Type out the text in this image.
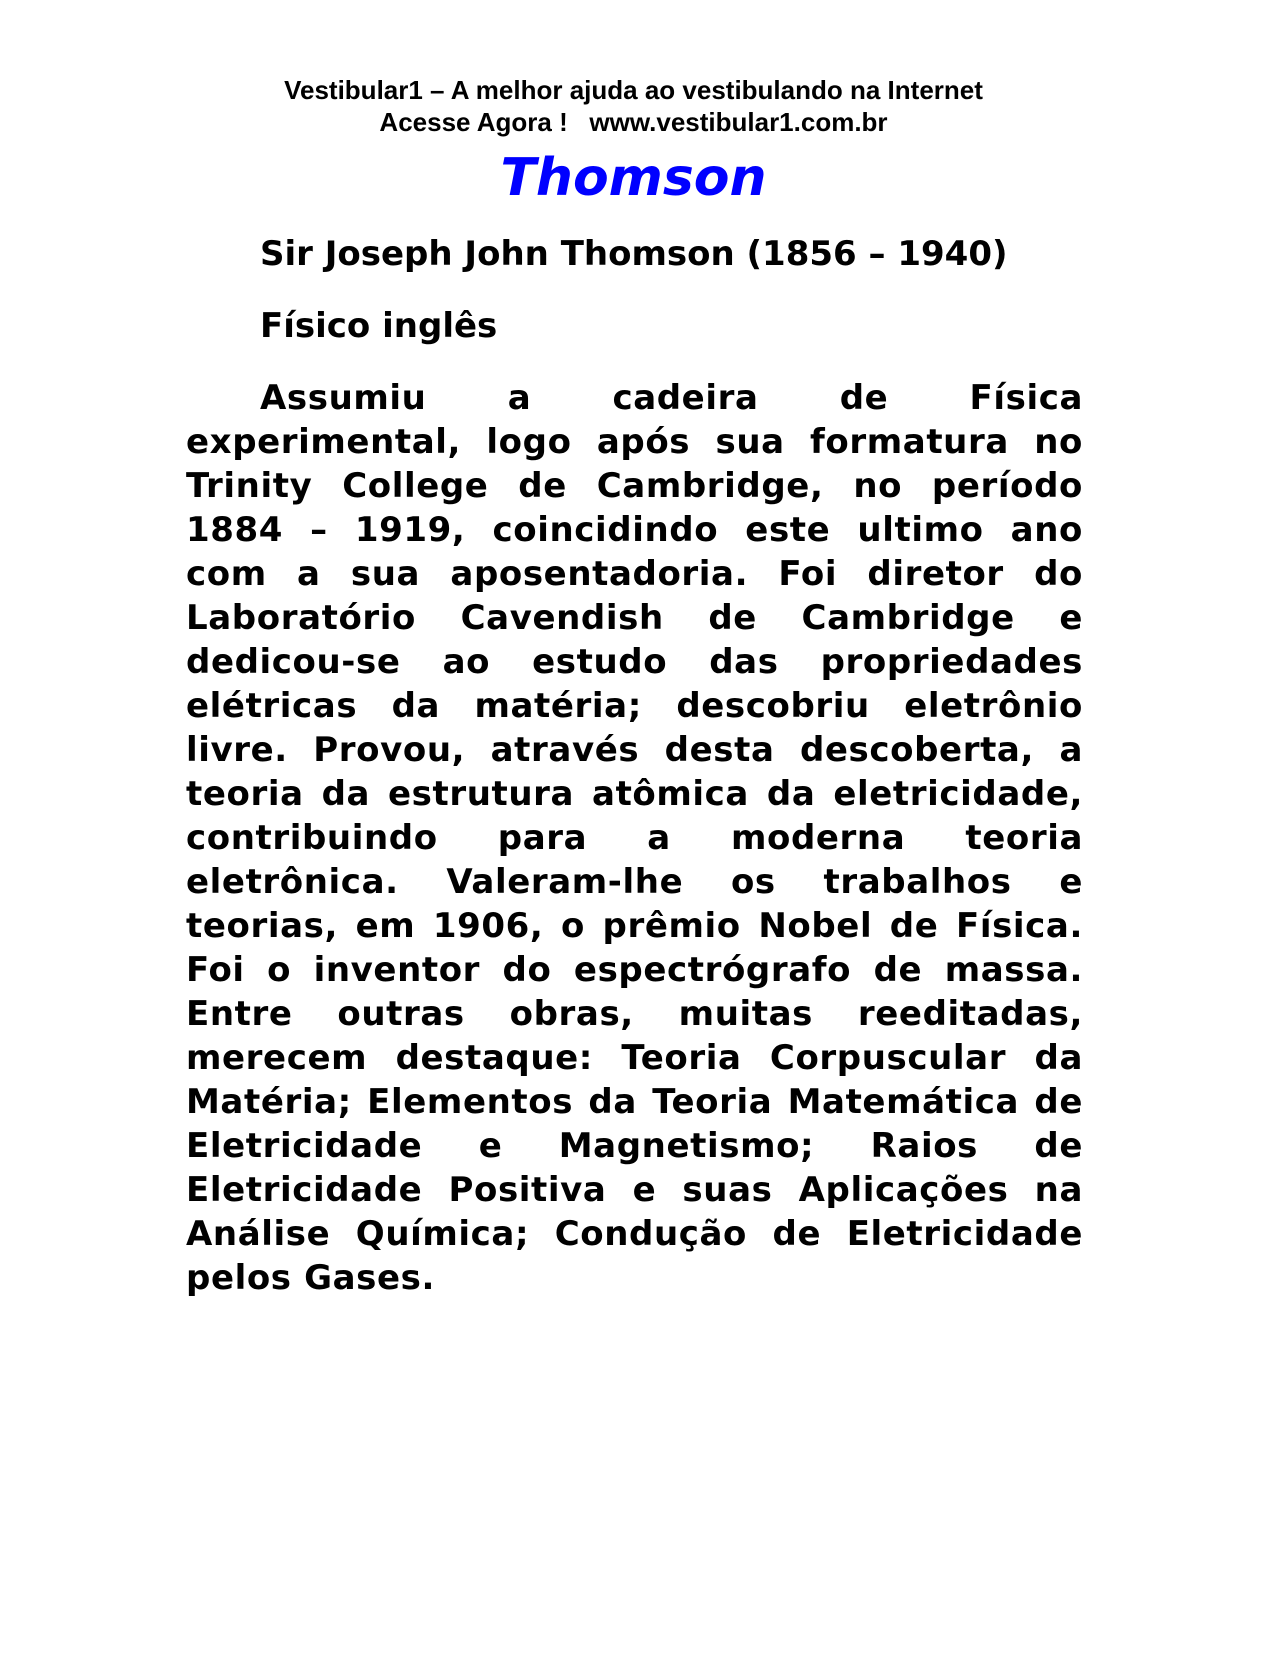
Vestibular1 – A melhor ajuda ao vestibulando na Internet
Acesse Agora !   www.vestibular1.com.br
Thomson

Sir Joseph John Thomson (1856 – 1940)

Físico inglês

Assumiu a cadeira de Física experimental, logo após sua formatura no Trinity College de Cambridge, no período 1884 – 1919, coincidindo este ultimo ano com a sua aposentadoria. Foi diretor do Laboratório Cavendish de Cambridge e dedicou-se ao estudo das propriedades elétricas da matéria; descobriu eletrônio livre. Provou, através desta descoberta, a teoria da estrutura atômica da eletricidade, contribuindo para a moderna teoria eletrônica. Valeram-lhe os trabalhos e teorias, em 1906, o prêmio Nobel de Física. Foi o inventor do espectrógrafo de massa. Entre outras obras, muitas reeditadas, merecem destaque: Teoria Corpuscular da Matéria; Elementos da Teoria Matemática de Eletricidade e Magnetismo; Raios de Eletricidade Positiva e suas Aplicações na Análise Química; Condução de Eletricidade pelos Gases.
